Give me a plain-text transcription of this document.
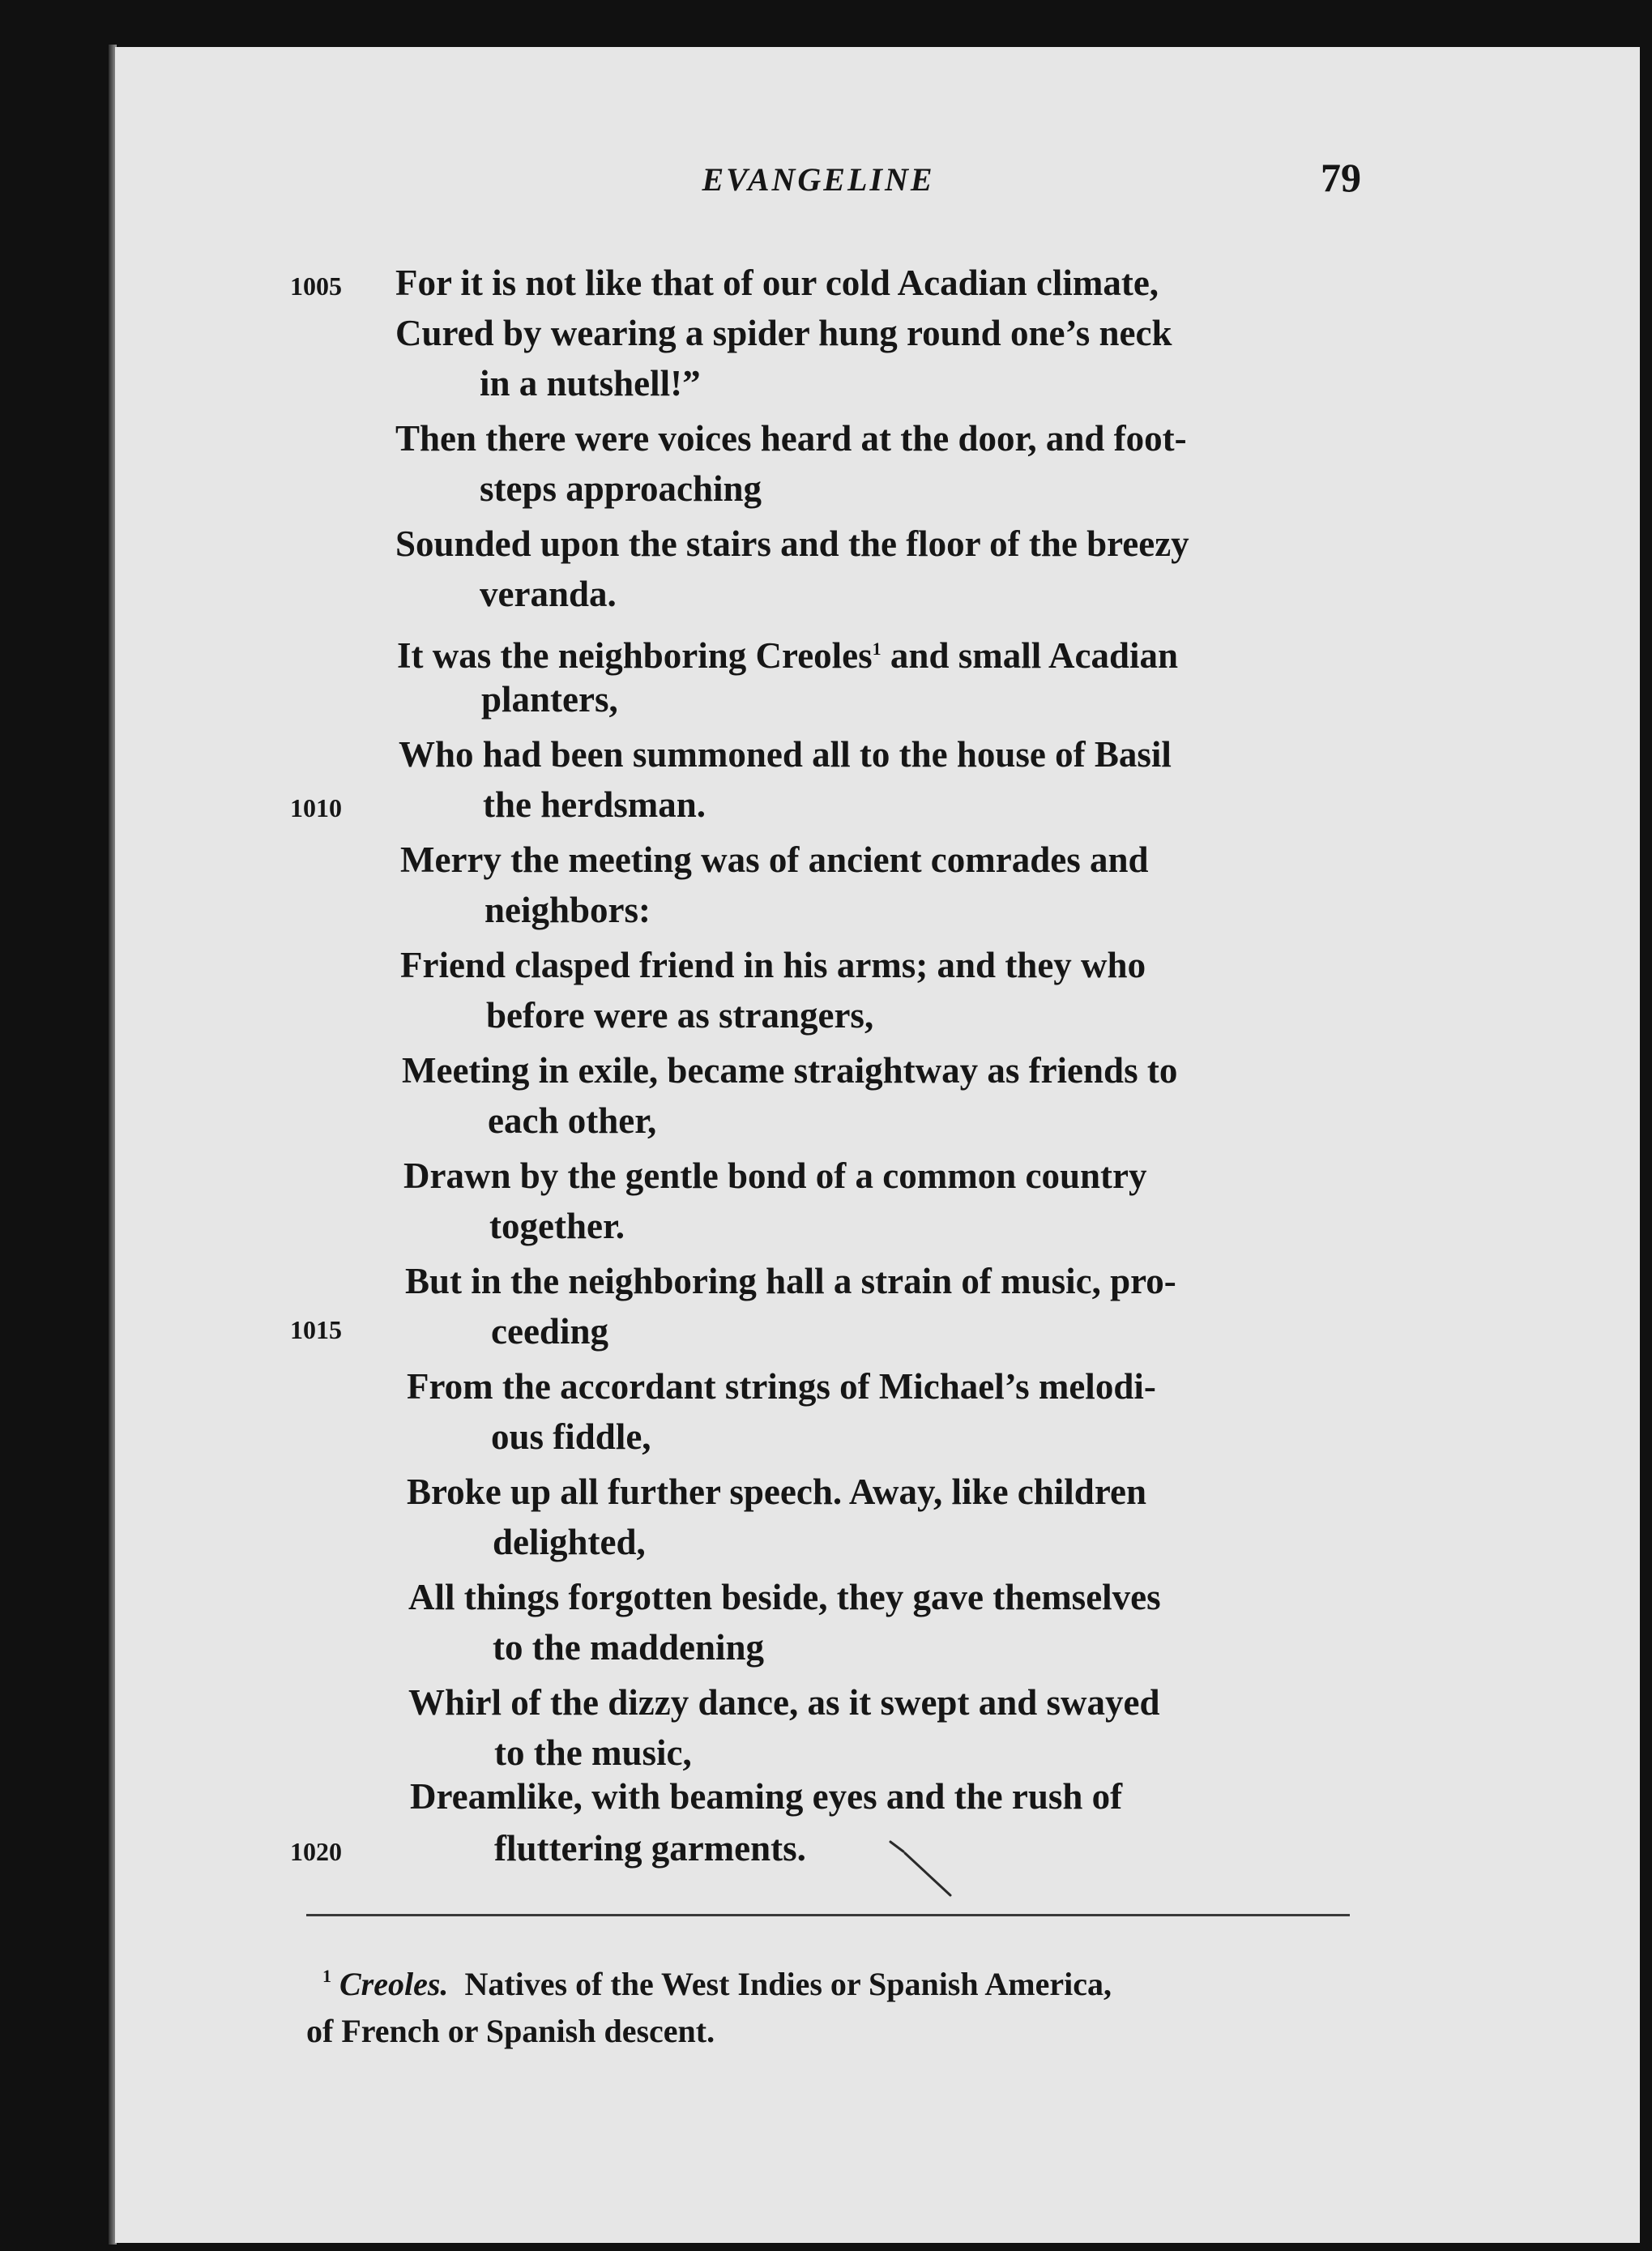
EVANGELINE	79
1005
1010
1015
1020
For it is not like that of our cold Acadian climate,
Cured by wearing a spider hung round one’s neck
in a nutshell!”
Then there were voices heard at the door, and foot-
steps approaching
Sounded upon the stairs and the floor of the breezy
veranda.
It was the neighboring Creoles$^1$ and small Acadian
planters,
Who had been summoned all to the house of Basil
the herdsman.
Merry the meeting was of ancient comrades and
neighbors:
Friend clasped friend in his arms; and they who
before were as strangers,
Meeting in exile, became straightway as friends to
each other,
Drawn by the gentle bond of a common country
together.
But in the neighboring hall a strain of music, pro-
ceeding
From the accordant strings of Michael’s melodi-
ous fiddle,
Broke up all further speech. Away, like children
delighted,
All things forgotten beside, they gave themselves
to the maddening
Whirl of the dizzy dance, as it swept and swayed
to the music,
Dreamlike, with beaming eyes and the rush of
fluttering garments.
$^1$ Creoles. Natives of the West Indies or Spanish America,
of French or Spanish descent.
